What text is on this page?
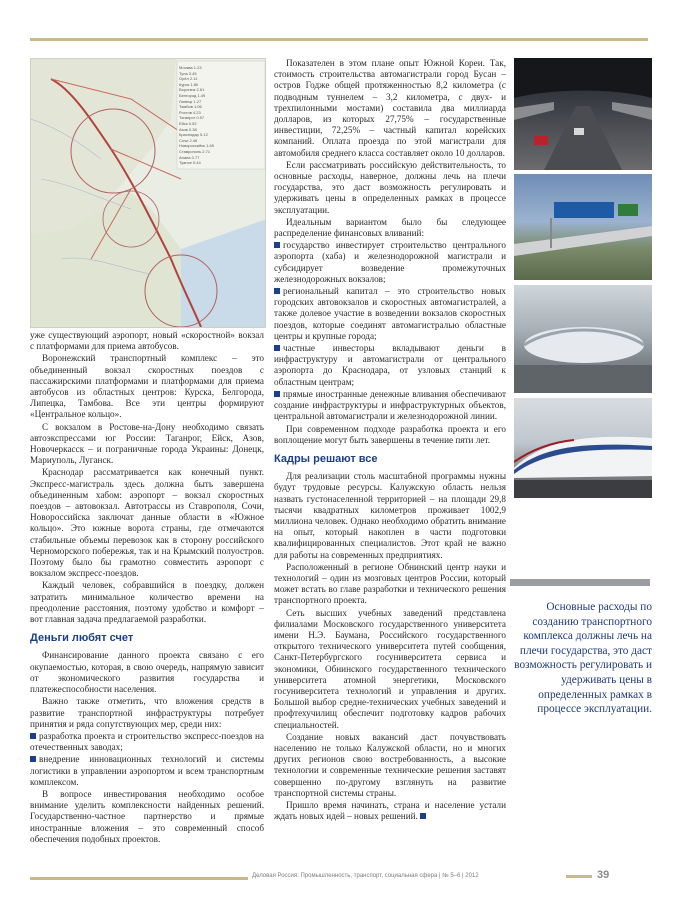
Москва 1.23
Тула 3.45
Орёл 2.11
Курск 1.80
Воронеж 2.61
Белгород 1.49
Липецк 1.27
Тамбов 1.06
Ростов 4.23
Таганрог 0.97
Ейск 0.52
Азов 0.38
Краснодар 5.12
Сочи 2.46
Новороссийск 1.65
Ставрополь 2.71
Анапа 0.77
Туапсе 0.44

уже существующий аэропорт, новый «скоростной» вокзал с платформами для приема автобусов.

Воронежский транспортный комплекс – это объединенный вокзал скоростных поездов с пассажирскими платформами и платформами для приема автобусов из областных центров: Курска, Белгорода, Липецка, Тамбова. Все эти центры формируют «Центральное кольцо».

С вокзалом в Ростове-на-Дону необходимо связать автоэкспрессами юг России: Таганрог, Ейск, Азов, Новочеркасск – и пограничные города Украины: Донецк, Мариуполь, Луганск.

Краснодар рассматривается как конечный пункт. Экспресс-магистраль здесь должна быть завершена объединенным хабом: аэропорт – вокзал скоростных поездов – автовокзал. Автотрассы из Ставрополя, Сочи, Новороссийска заключат данные области в «Южное кольцо». Это южные ворота страны, где отмечаются стабильные объемы перевозок как в сторону российского Черноморского побережья, так и на Крымский полуостров. Поэтому было бы грамотно совместить аэропорт с вокзалом экспресс-поездов.

Каждый человек, собравшийся в поездку, должен затратить минимальное количество времени на преодоление расстояния, поэтому удобство и комфорт – вот главная задача предлагаемой разработки.

Деньги любят счет

Финансирование данного проекта связано с его окупаемостью, которая, в свою очередь, напрямую зависит от экономического развития государства и платежеспособности населения.

Важно также отметить, что вложения средств в развитие транспортной инфраструктуры потребует принятия и ряда сопутствующих мер, среди них:

разработка проекта и строительство экспресс-поездов на отечественных заводах;

внедрение инновационных технологий и системы логистики в управлении аэропортом и всем транспортным комплексом.

В вопросе инвестирования необходимо особое внимание уделить комплексности найденных решений. Государственно-частное партнерство и прямые иностранные вложения – это современный способ обеспечения подобных проектов.

Показателен в этом плане опыт Южной Кореи. Так, стоимость строительства автомагистрали город Бусан – остров Годже общей протяженностью 8,2 километра (с подводным туннелем – 3,2 километра, с двух- и трехпилонными мостами) составила два миллиарда долларов, из которых 27,75% – государственные инвестиции, 72,25% – частный капитал корейских компаний. Оплата проезда по этой магистрали для автомобиля среднего класса составляет около 10 долларов.

Если рассматривать российскую действительность, то основные расходы, наверное, должны лечь на плечи государства, это даст возможность регулировать и удерживать цены в определенных рамках в процессе эксплуатации.

Идеальным вариантом было бы следующее распределение финансовых вливаний:

государство инвестирует строительство центрального аэропорта (хаба) и железнодорожной магистрали и субсидирует возведение промежуточных железнодорожных вокзалов;

региональный капитал – это строительство новых городских автовокзалов и скоростных автомагистралей, а также долевое участие в возведении вокзалов скоростных поездов, которые соединят автомагистралью областные центры и крупные города;

частные инвесторы вкладывают деньги в инфраструктуру и автомагистрали от центрального аэропорта до Краснодара, от узловых станций к областным центрам;

прямые иностранные денежные вливания обеспечивают создание инфраструктуры и инфраструктурных объектов, центральной автомагистрали и железнодорожной линии.

При современном подходе разработка проекта и его воплощение могут быть завершены в течение пяти лет.

Кадры решают все

Для реализации столь масштабной программы нужны будут трудовые ресурсы. Калужскую область нельзя назвать густонаселенной территорией – на площади 29,8 тысячи квадратных километров проживает 1002,9 миллиона человек. Однако необходимо обратить внимание на опыт, который накоплен в части подготовки квалифицированных специалистов. Этот край не важно для работы на современных предприятиях.

Расположенный в регионе Обнинский центр науки и технологий – один из мозговых центров России, который может встать во главе разработки и технического решения транспортного проекта.

Сеть высших учебных заведений представлена филиалами Московского государственного университета имени Н.Э. Баумана, Российского государственного открытого технического университета путей сообщения, Санкт-Петербургского госуниверситета сервиса и экономики, Обнинского государственного технического университета атомной энергетики, Московского госуниверситета технологий и управления и других. Большой выбор средне-технических учебных заведений и профтехучилищ обеспечит подготовку кадров рабочих специальностей.

Создание новых вакансий даст почувствовать населению не только Калужской области, но и многих других регионов свою востребованность, а высокие технологии и современные технические решения заставят совершенно по-другому взглянуть на развитие транспортной системы страны.

Пришло время начинать, страна и население устали ждать новых идей – новых решений.

Основные расходы по созданию транспортного комплекса должны лечь на плечи государства, это даст возможность регулировать и удерживать цены в определенных рамках в процессе эксплуатации.
Деловая Россия: Промышленность, транспорт, социальная сфера | № 5–6 | 2012	39
